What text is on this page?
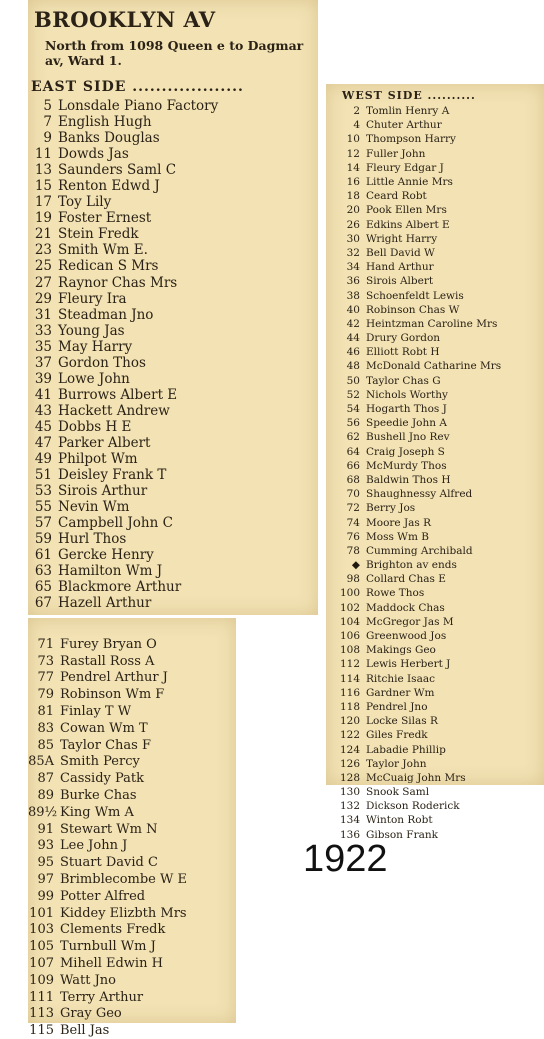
BROOKLYN AV
North from 1098 Queen e to Dagmar
av, Ward 1.
EAST SIDE ...................
5 Lonsdale Piano Factory
7 English Hugh
9 Banks Douglas
11 Dowds Jas
13 Saunders Saml C
15 Renton Edwd J
17 Toy Lily
19 Foster Ernest
21 Stein Fredk
23 Smith Wm E.
25 Redican S Mrs
27 Raynor Chas Mrs
29 Fleury Ira
31 Steadman Jno
33 Young Jas
35 May Harry
37 Gordon Thos
39 Lowe John
41 Burrows Albert E
43 Hackett Andrew
45 Dobbs H E
47 Parker Albert
49 Philpot Wm
51 Deisley Frank T
53 Sirois Arthur
55 Nevin Wm
57 Campbell John C
59 Hurl Thos
61 Gercke Henry
63 Hamilton Wm J
65 Blackmore Arthur
67 Hazell Arthur
WEST SIDE ..........
2 Tomlin Henry A
4 Chuter Arthur
10 Thompson Harry
12 Fuller John
14 Fleury Edgar J
16 Little Annie Mrs
18 Ceard Robt
20 Pook Ellen Mrs
26 Edkins Albert E
30 Wright Harry
32 Bell David W
34 Hand Arthur
36 Sirois Albert
38 Schoenfeldt Lewis
40 Robinson Chas W
42 Heintzman Caroline Mrs
44 Drury Gordon
46 Elliott Robt H
48 McDonald Catharine Mrs
50 Taylor Chas G
52 Nichols Worthy
54 Hogarth Thos J
56 Speedie John A
62 Bushell Jno Rev
64 Craig Joseph S
66 McMurdy Thos
68 Baldwin Thos H
70 Shaughnessy Alfred
72 Berry Jos
74 Moore Jas R
76 Moss Wm B
78 Cumming Archibald
◆ Brighton av ends
98 Collard Chas E
100 Rowe Thos
102 Maddock Chas
104 McGregor Jas M
106 Greenwood Jos
108 Makings Geo
112 Lewis Herbert J
114 Ritchie Isaac
116 Gardner Wm
118 Pendrel Jno
120 Locke Silas R
122 Giles Fredk
124 Labadie Phillip
126 Taylor John
128 McCuaig John Mrs
130 Snook Saml
132 Dickson Roderick
134 Winton Robt
136 Gibson Frank
71 Furey Bryan O
73 Rastall Ross A
77 Pendrel Arthur J
79 Robinson Wm F
81 Finlay T W
83 Cowan Wm T
85 Taylor Chas F
85A Smith Percy
87 Cassidy Patk
89 Burke Chas
89½ King Wm A
91 Stewart Wm N
93 Lee John J
95 Stuart David C
97 Brimblecombe W E
99 Potter Alfred
101 Kiddey Elizbth Mrs
103 Clements Fredk
105 Turnbull Wm J
107 Mihell Edwin H
109 Watt Jno
111 Terry Arthur
113 Gray Geo
115 Bell Jas
1922
